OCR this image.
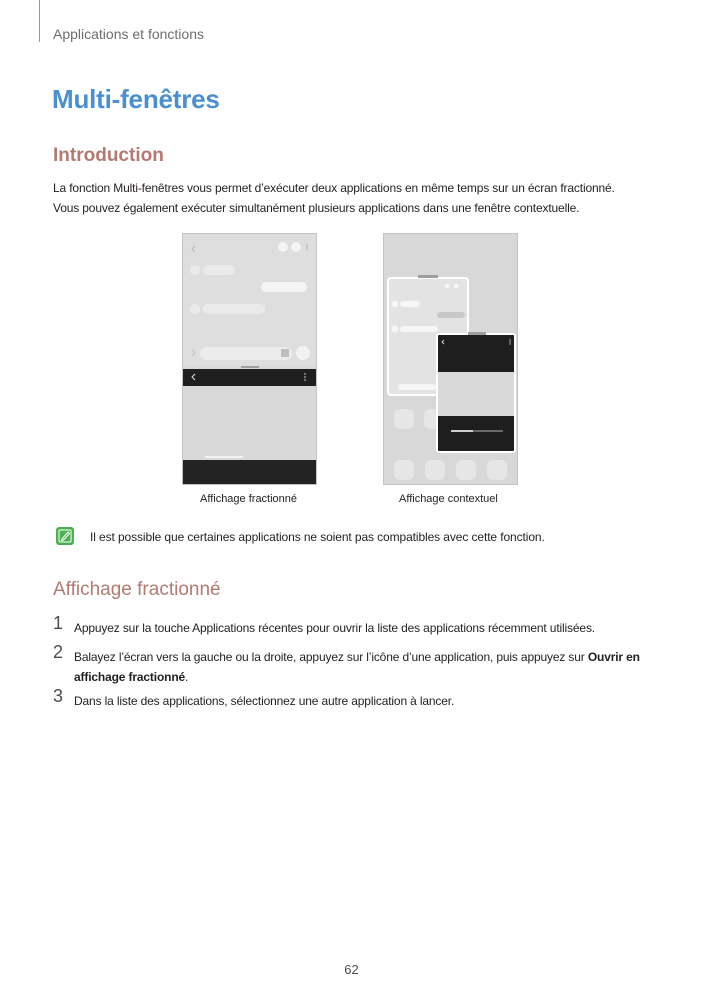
Applications et fonctions
Multi-fenêtres
Introduction
La fonction Multi-fenêtres vous permet d’exécuter deux applications en même temps sur un écran fractionné.
Vous pouvez également exécuter simultanément plusieurs applications dans une fenêtre contextuelle.
Affichage fractionné	Affichage contextuel
Il est possible que certaines applications ne soient pas compatibles avec cette fonction.
Affichage fractionné
1 Appuyez sur la touche Applications récentes pour ouvrir la liste des applications récemment utilisées.
2 Balayez l’écran vers la gauche ou la droite, appuyez sur l’icône d’une application, puis appuyez sur Ouvrir en affichage fractionné.
3 Dans la liste des applications, sélectionnez une autre application à lancer.
62
